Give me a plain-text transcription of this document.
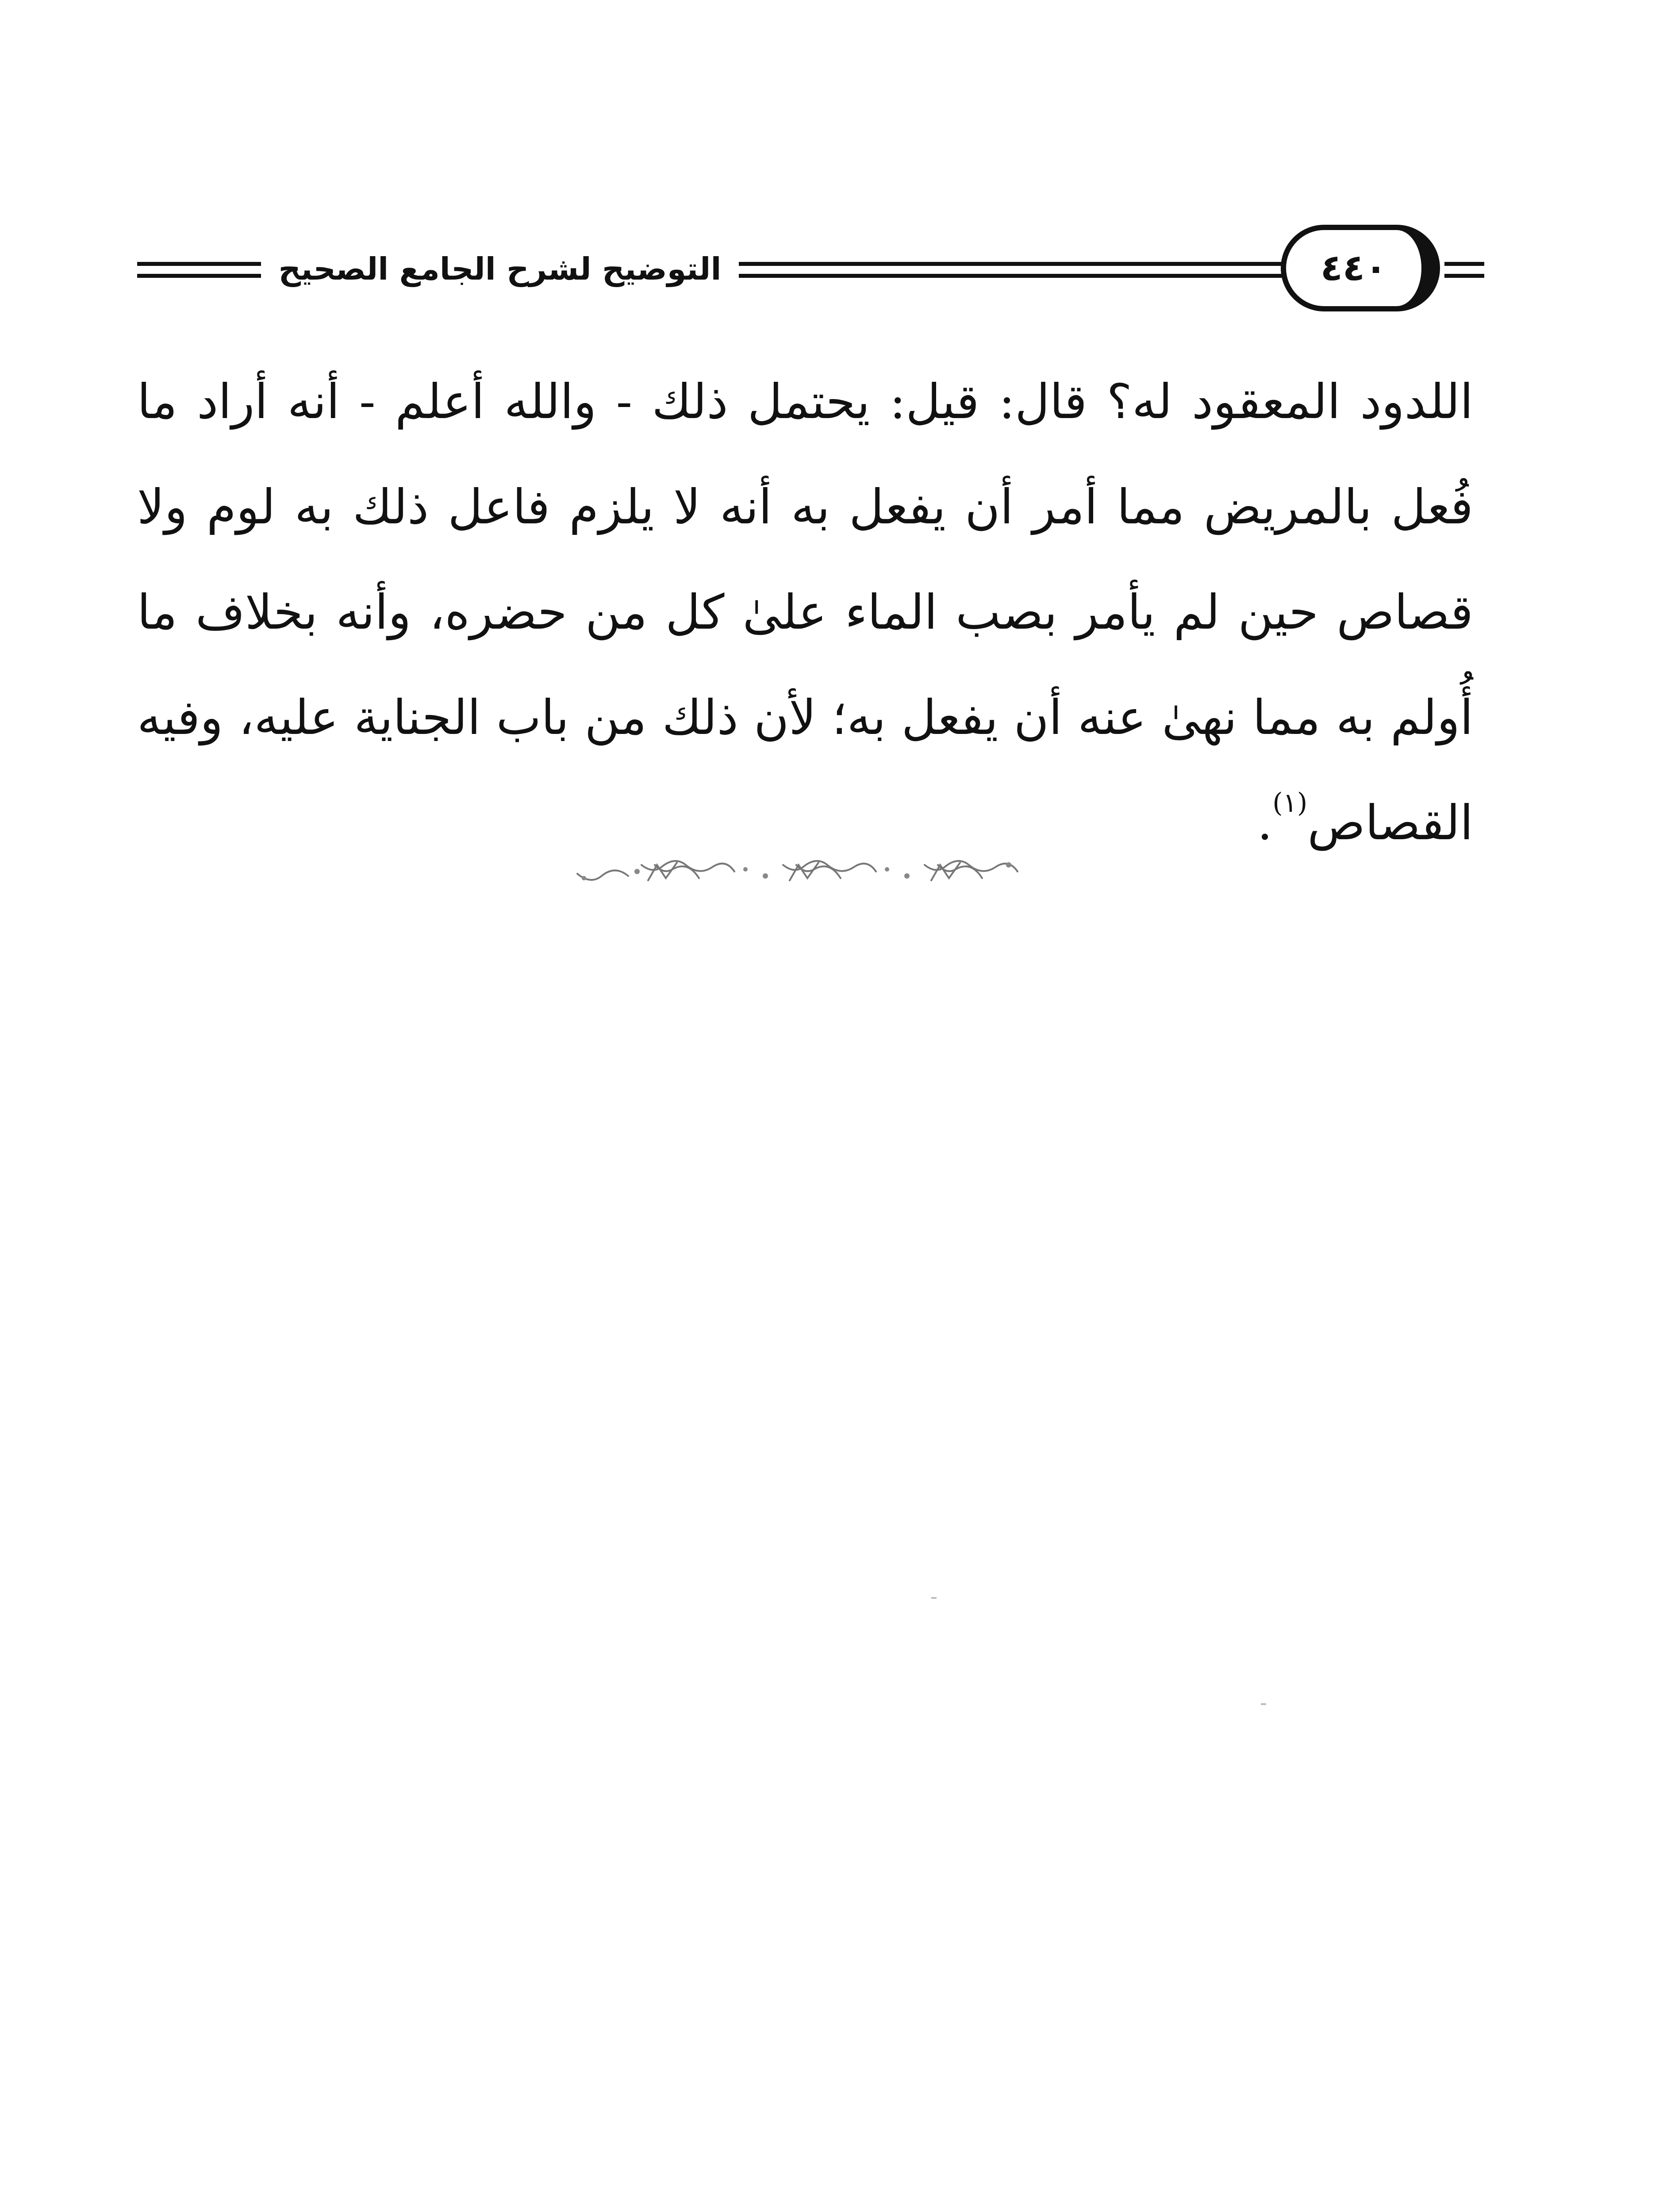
التوضيح لشرح الجامع الصحيح	٤٤٠

اللدود المعقود له؟ قال: قيل: يحتمل ذلك - والله أعلم - أنه أراد ما فُعل بالمريض مما أمر أن يفعل به أنه لا يلزم فاعل ذلك به لوم ولا قصاص حين لم يأمر بصب الماء علىٰ كل من حضره، وأنه بخلاف ما أُولم به مما نهىٰ عنه أن يفعل به؛ لأن ذلك من باب الجناية عليه، وفيه القصاص$^{(١)}$.
